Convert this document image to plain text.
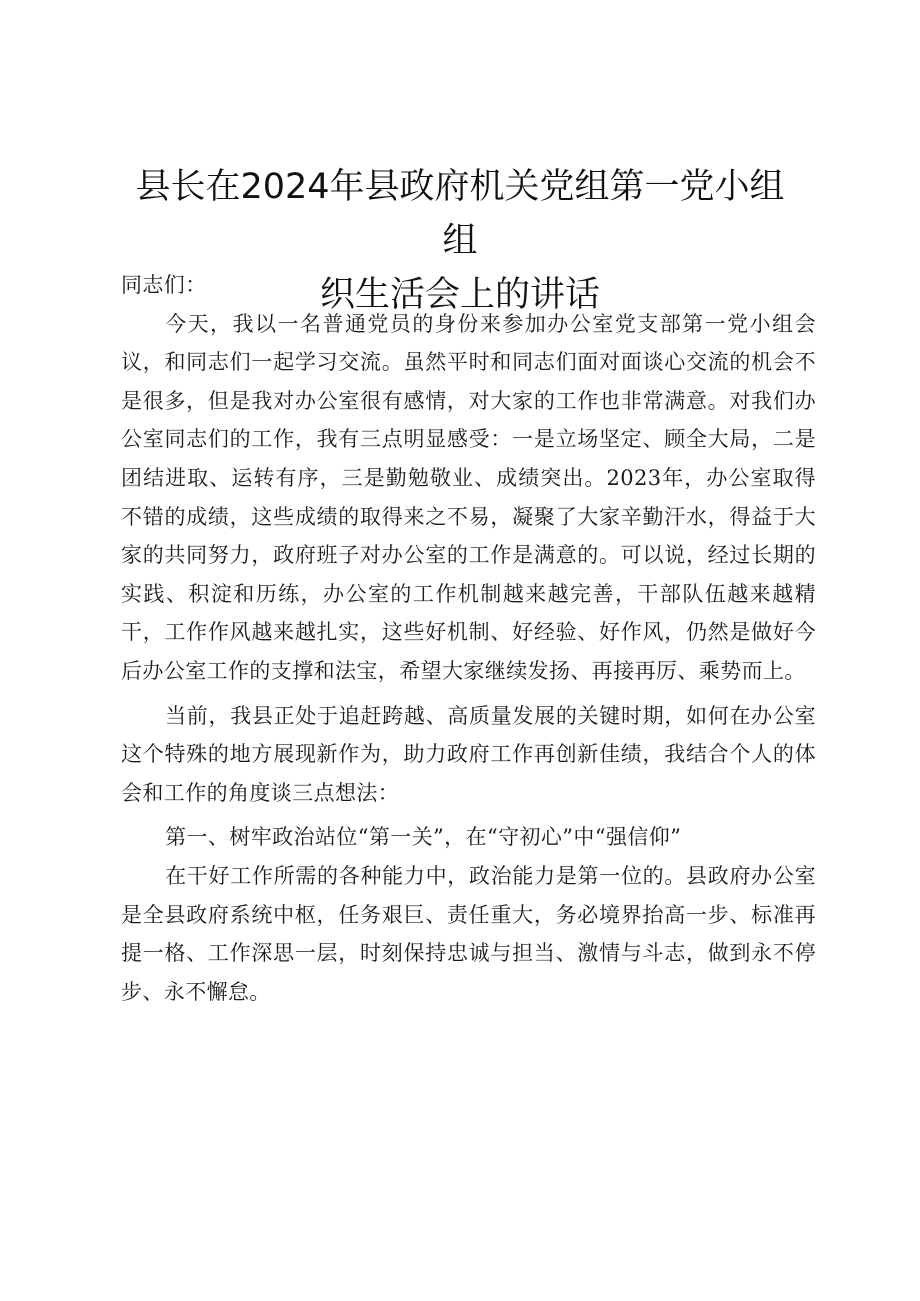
县长在2024年县政府机关党组第一党小组组
织生活会上的讲话

同志们：

今天，我以一名普通党员的身份来参加办公室党支部第一党小组会议，和同志们一起学习交流。虽然平时和同志们面对面谈心交流的机会不是很多，但是我对办公室很有感情，对大家的工作也非常满意。对我们办公室同志们的工作，我有三点明显感受：一是立场坚定、顾全大局，二是团结进取、运转有序，三是勤勉敬业、成绩突出。2023年，办公室取得不错的成绩，这些成绩的取得来之不易，凝聚了大家辛勤汗水，得益于大家的共同努力，政府班子对办公室的工作是满意的。可以说，经过长期的实践、积淀和历练，办公室的工作机制越来越完善，干部队伍越来越精干，工作作风越来越扎实，这些好机制、好经验、好作风，仍然是做好今后办公室工作的支撑和法宝，希望大家继续发扬、再接再厉、乘势而上。

当前，我县正处于追赶跨越、高质量发展的关键时期，如何在办公室这个特殊的地方展现新作为，助力政府工作再创新佳绩，我结合个人的体会和工作的角度谈三点想法：

第一、树牢政治站位“第一关”，在“守初心”中“强信仰”

在干好工作所需的各种能力中，政治能力是第一位的。县政府办公室是全县政府系统中枢，任务艰巨、责任重大，务必境界抬高一步、标准再提一格、工作深思一层，时刻保持忠诚与担当、激情与斗志，做到永不停步、永不懈怠。
